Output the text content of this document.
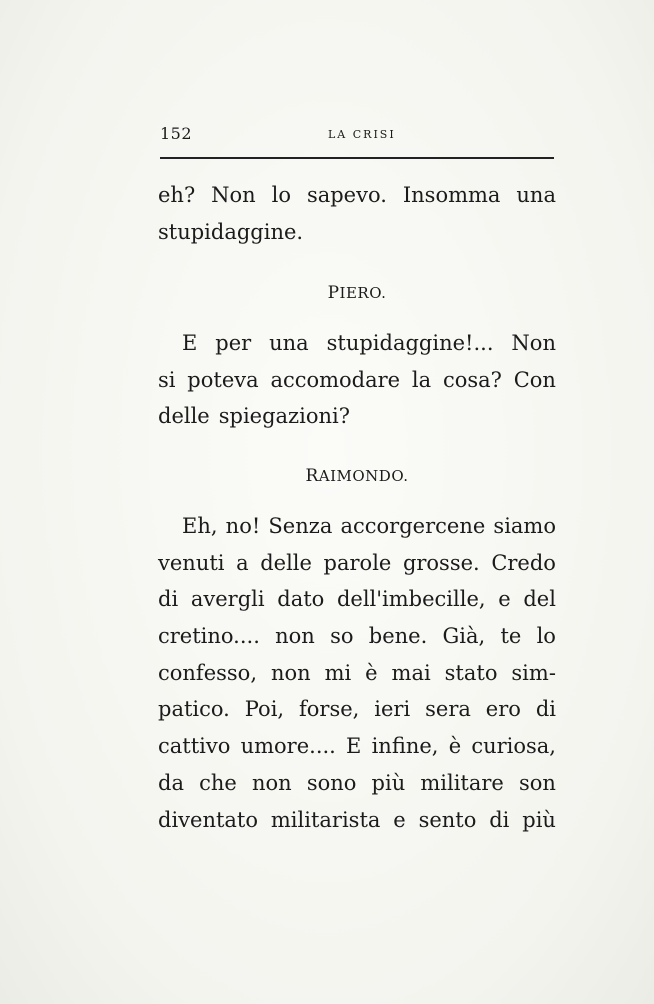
152	LA CRISI
eh? Non lo sapevo. Insomma una
stupidaggine.
PIERO.
E per una stupidaggine!... Non
si poteva accomodare la cosa? Con
delle spiegazioni?
RAIMONDO.
Eh, no! Senza accorgercene siamo
venuti a delle parole grosse. Credo
di avergli dato dell'imbecille, e del
cretino.... non so bene. Già, te lo
confesso, non mi è mai stato sim-
patico. Poi, forse, ieri sera ero di
cattivo umore.... E infine, è curiosa,
da che non sono più militare son
diventato militarista e sento di più
